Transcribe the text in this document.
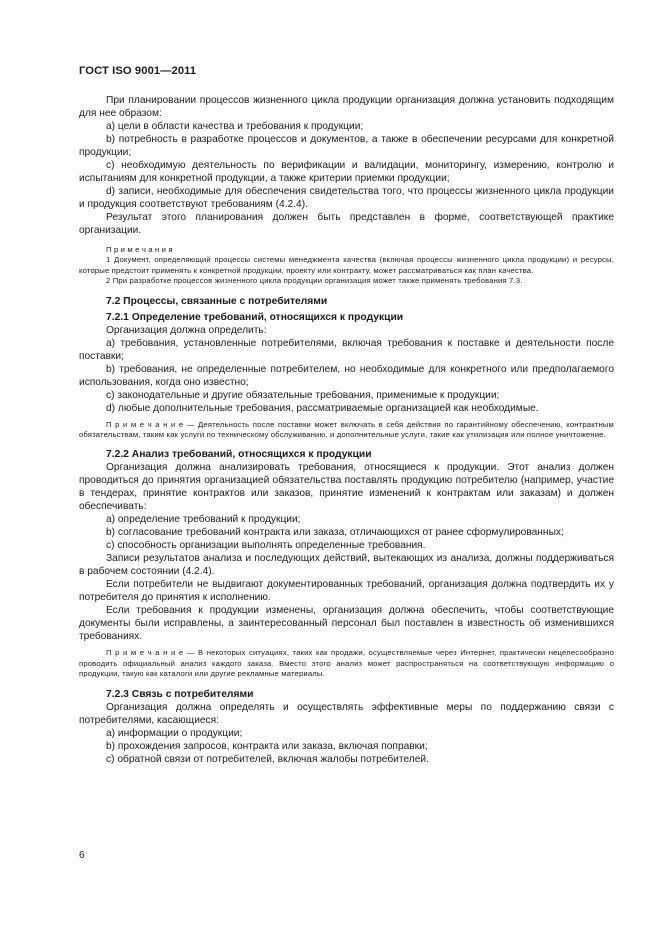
ГОСТ ISO 9001—2011

При планировании процессов жизненного цикла продукции организация должна установить подходящим для нее образом:

a) цели в области качества и требования к продукции;

b) потребность в разработке процессов и документов, а также в обеспечении ресурсами для конкретной продукции;

c) необходимую деятельность по верификации и валидации, мониторингу, измерению, контролю и испытаниям для конкретной продукции, а также критерии приемки продукции;

d) записи, необходимые для обеспечения свидетельства того, что процессы жизненного цикла продукции и продукция соответствуют требованиям (4.2.4).

Результат этого планирования должен быть представлен в форме, соответствующей практике организации.

П р и м е ч а н и я

1 Документ, определяющий процессы системы менеджмента качества (включая процессы жизненного цикла продукции) и ресурсы, которые предстоит применять к конкретной продукции, проекту или контракту, может рассматриваться как план качества.

2 При разработке процессов жизненного цикла продукции организация может также применять требования 7.3.

7.2 Процессы, связанные с потребителями

7.2.1 Определение требований, относящихся к продукции

Организация должна определить:

a) требования, установленные потребителями, включая требования к поставке и деятельности после поставки;

b) требования, не определенные потребителем, но необходимые для конкретного или предполагаемого использования, когда оно известно;

c) законодательные и другие обязательные требования, применимые к продукции;

d) любые дополнительные требования, рассматриваемые организацией как необходимые.

П р и м е ч а н и е — Деятельность после поставки может включать в себя действия по гарантийному обеспечению, контрактным обязательствам, таким как услуги по техническому обслуживанию, и дополнительные услуги, такие как утилизация или полное уничтожение.

7.2.2 Анализ требований, относящихся к продукции

Организация должна анализировать требования, относящиеся к продукции. Этот анализ должен проводиться до принятия организацией обязательства поставлять продукцию потребителю (например, участие в тендерах, принятие контрактов или заказов, принятие изменений к контрактам или заказам) и должен обеспечивать:

a) определение требований к продукции;

b) согласование требований контракта или заказа, отличающихся от ранее сформулированных;

c) способность организации выполнять определенные требования.

Записи результатов анализа и последующих действий, вытекающих из анализа, должны поддерживаться в рабочем состоянии (4.2.4).

Если потребители не выдвигают документированных требований, организация должна подтвердить их у потребителя до принятия к исполнению.

Если требования к продукции изменены, организация должна обеспечить, чтобы соответствующие документы были исправлены, а заинтересованный персонал был поставлен в известность об изменившихся требованиях.

П р и м е ч а н и е — В некоторых ситуациях, таких как продажи, осуществляемые через Интернет, практически нецелесообразно проводить официальный анализ каждого заказа. Вместо этого анализ может распространяться на соответствующую информацию о продукции, такую как каталоги или другие рекламные материалы.

7.2.3 Связь с потребителями

Организация должна определять и осуществлять эффективные меры по поддержанию связи с потребителями, касающиеся:

a) информации о продукции;

b) прохождения запросов, контракта или заказа, включая поправки;

c) обратной связи от потребителей, включая жалобы потребителей.

6
